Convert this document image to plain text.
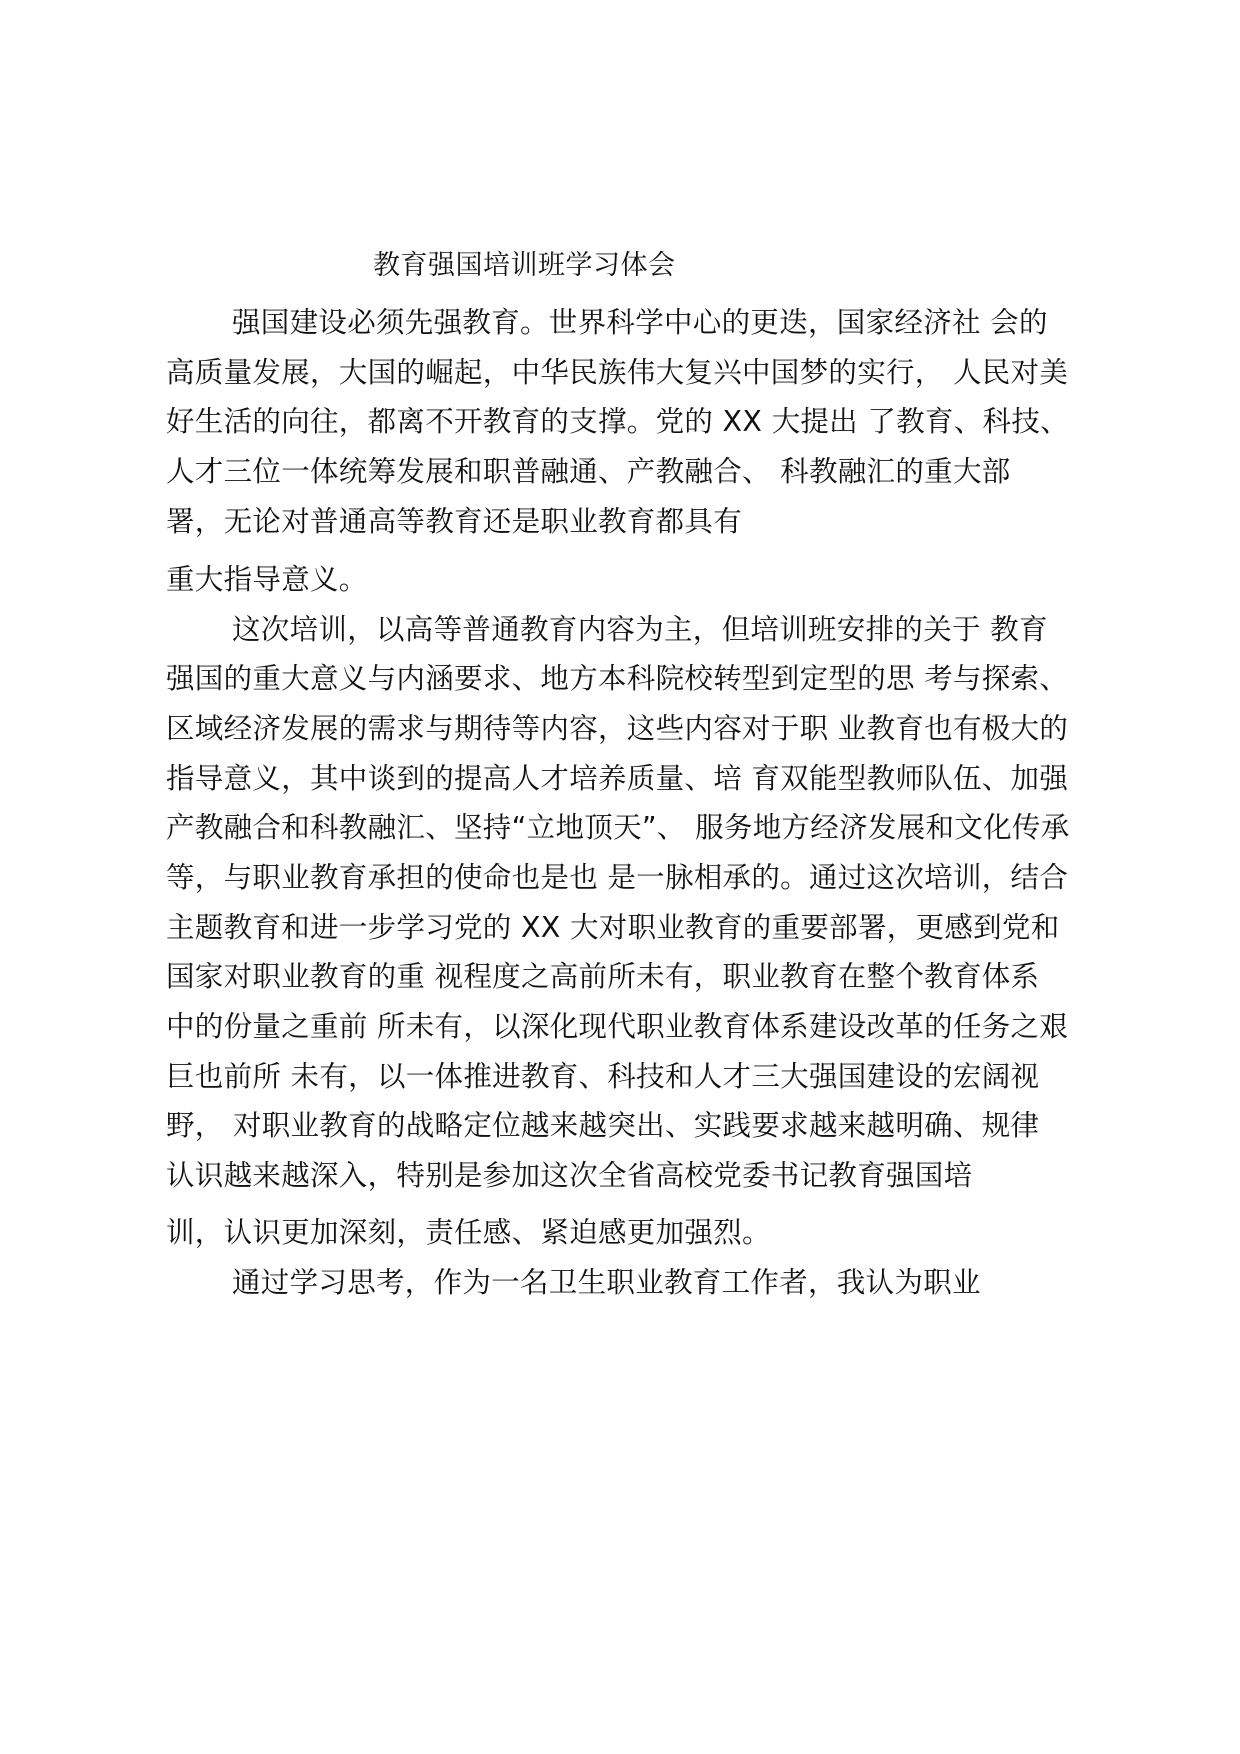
教育强国培训班学习体会

强国建设必须先强教育。世界科学中心的更迭，国家经济社 会的

高质量发展，大国的崛起，中华民族伟大复兴中国梦的实行， 人民对美

好生活的向往，都离不开教育的支撑。党的 XX 大提出 了教育、科技、

人才三位一体统筹发展和职普融通、产教融合、 科教融汇的重大部

署，无论对普通高等教育还是职业教育都具有

重大指导意义。

这次培训，以高等普通教育内容为主，但培训班安排的关于 教育

强国的重大意义与内涵要求、地方本科院校转型到定型的思 考与探索、

区域经济发展的需求与期待等内容，这些内容对于职 业教育也有极大的

指导意义，其中谈到的提高人才培养质量、培 育双能型教师队伍、加强

产教融合和科教融汇、坚持“立地顶天”、 服务地方经济发展和文化传承

等，与职业教育承担的使命也是也 是一脉相承的。通过这次培训，结合

主题教育和进一步学习党的 XX 大对职业教育的重要部署，更感到党和

国家对职业教育的重 视程度之高前所未有，职业教育在整个教育体系

中的份量之重前 所未有，以深化现代职业教育体系建设改革的任务之艰

巨也前所 未有，以一体推进教育、科技和人才三大强国建设的宏阔视

野， 对职业教育的战略定位越来越突出、实践要求越来越明确、规律

认识越来越深入，特别是参加这次全省高校党委书记教育强国培

训，认识更加深刻，责任感、紧迫感更加强烈。

通过学习思考，作为一名卫生职业教育工作者，我认为职业
